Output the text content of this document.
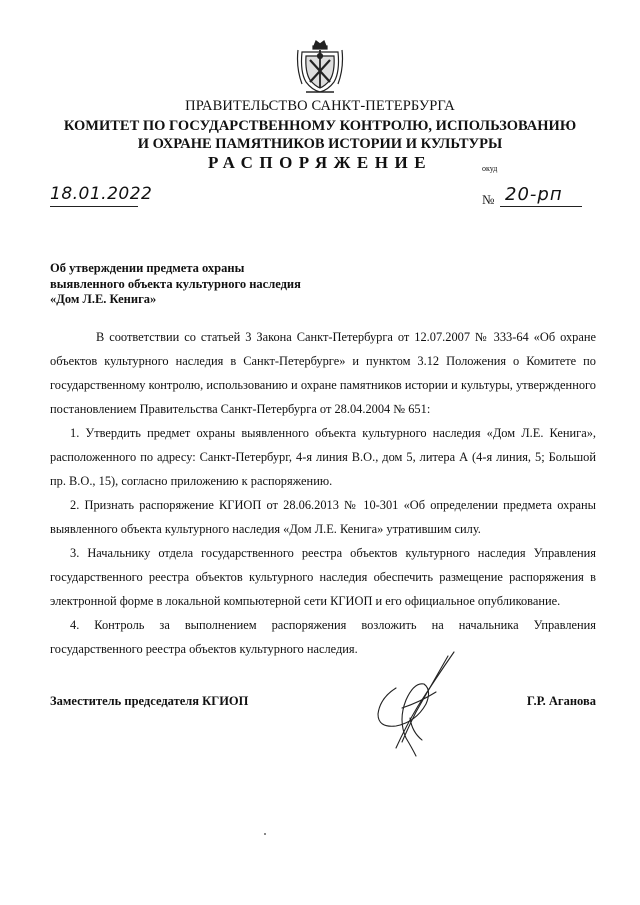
ПРАВИТЕЛЬСТВО САНКТ-ПЕТЕРБУРГА
КОМИТЕТ ПО ГОСУДАРСТВЕННОМУ КОНТРОЛЮ, ИСПОЛЬЗОВАНИЮ
И ОХРАНЕ ПАМЯТНИКОВ ИСТОРИИ И КУЛЬТУРЫ
РАСПОРЯЖЕНИЕ	окуд
18.01.2022	№ 20-рп
Об утверждении предмета охраны
выявленного объекта культурного наследия
«Дом Л.Е. Кенига»

В соответствии со статьей 3 Закона Санкт-Петербурга от 12.07.2007 № 333-64 «Об охране объектов культурного наследия в Санкт-Петербурге» и пунктом 3.12 Положения о Комитете по государственному контролю, использованию и охране памятников истории и культуры, утвержденного постановлением Правительства Санкт-Петербурга от 28.04.2004 № 651:

1. Утвердить предмет охраны выявленного объекта культурного наследия «Дом Л.Е. Кенига», расположенного по адресу: Санкт-Петербург, 4-я линия В.О., дом 5, литера А (4-я линия, 5; Большой пр. В.О., 15), согласно приложению к распоряжению.

2. Признать распоряжение КГИОП от 28.06.2013 № 10-301 «Об определении предмета охраны выявленного объекта культурного наследия «Дом Л.Е. Кенига» утратившим силу.

3. Начальнику отдела государственного реестра объектов культурного наследия Управления государственного реестра объектов культурного наследия обеспечить размещение распоряжения в электронной форме в локальной компьютерной сети КГИОП и его официальное опубликование.

4. Контроль за выполнением распоряжения возложить на начальника Управления государственного реестра объектов культурного наследия.

Заместитель председателя КГИОП	Г.Р. Аганова
